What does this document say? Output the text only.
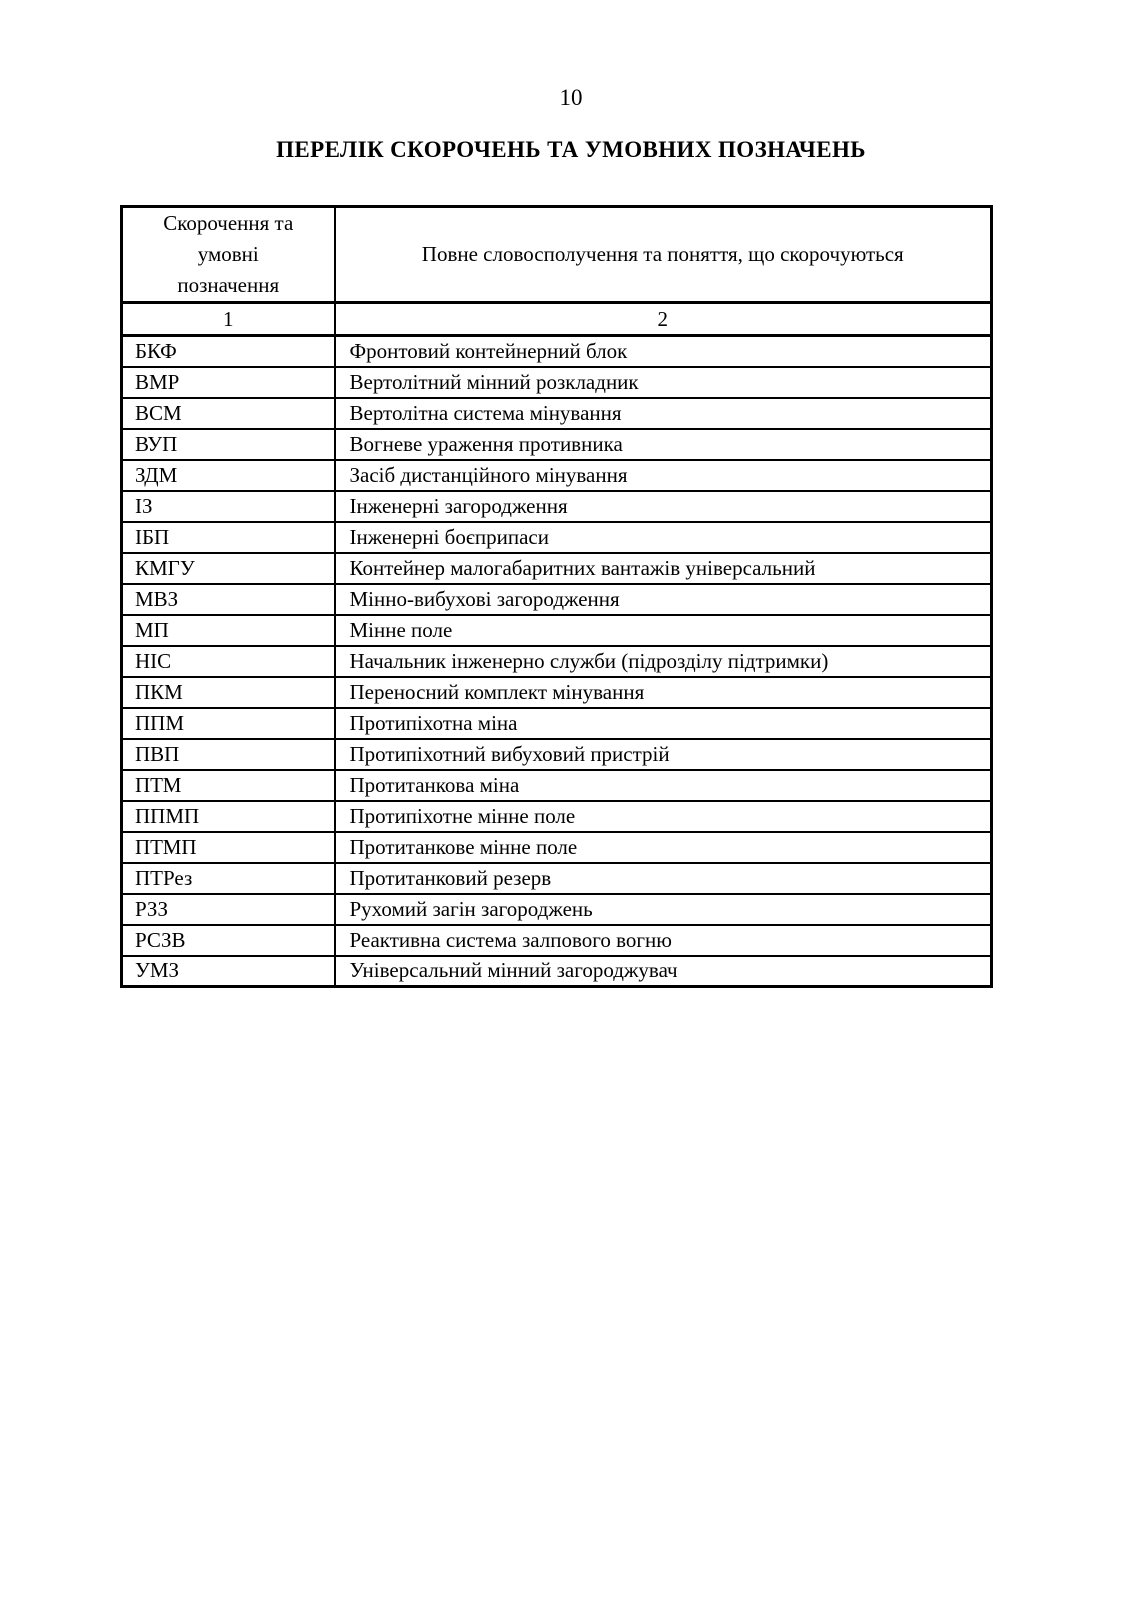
10
ПЕРЕЛІК СКОРОЧЕНЬ ТА УМОВНИХ ПОЗНАЧЕНЬ
Скорочення та умовні позначення	Повне словосполучення та поняття, що скорочуються

1	2
БКФ	Фронтовий контейнерний блок
ВМР	Вертолітний мінний розкладник
ВСМ	Вертолітна система мінування
ВУП	Вогневе ураження противника
ЗДМ	Засіб дистанційного мінування
ІЗ	Інженерні загородження
ІБП	Інженерні боєприпаси
КМГУ	Контейнер малогабаритних вантажів універсальний
МВЗ	Мінно-вибухові загородження
МП	Мінне поле
НІС	Начальник інженерно служби (підрозділу підтримки)
ПКМ	Переносний комплект мінування
ППМ	Протипіхотна міна
ПВП	Протипіхотний вибуховий пристрій
ПТМ	Протитанкова міна
ППМП	Протипіхотне мінне поле
ПТМП	Протитанкове мінне поле
ПТРез	Протитанковий резерв
РЗЗ	Рухомий загін загороджень
РСЗВ	Реактивна система залпового вогню
УМЗ	Універсальний мінний загороджувач
